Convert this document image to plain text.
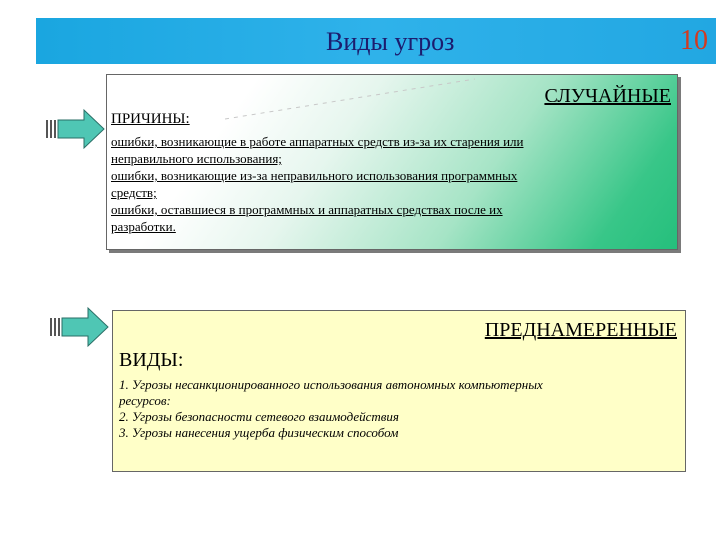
Виды угроз	10
СЛУЧАЙНЫЕ
ПРИЧИНЫ:
ошибки, возникающие в работе аппаратных средств из-за их старения или
неправильного использования;
ошибки, возникающие из-за неправильного использования программных
средств;
ошибки, оставшиеся в программных и аппаратных средствах после их
разработки.
ПРЕДНАМЕРЕННЫЕ
ВИДЫ:
1. Угрозы несанкционированного использования автономных компьютерных
ресурсов:
2. Угрозы безопасности сетевого взаимодействия
3. Угрозы нанесения ущерба физическим способом
